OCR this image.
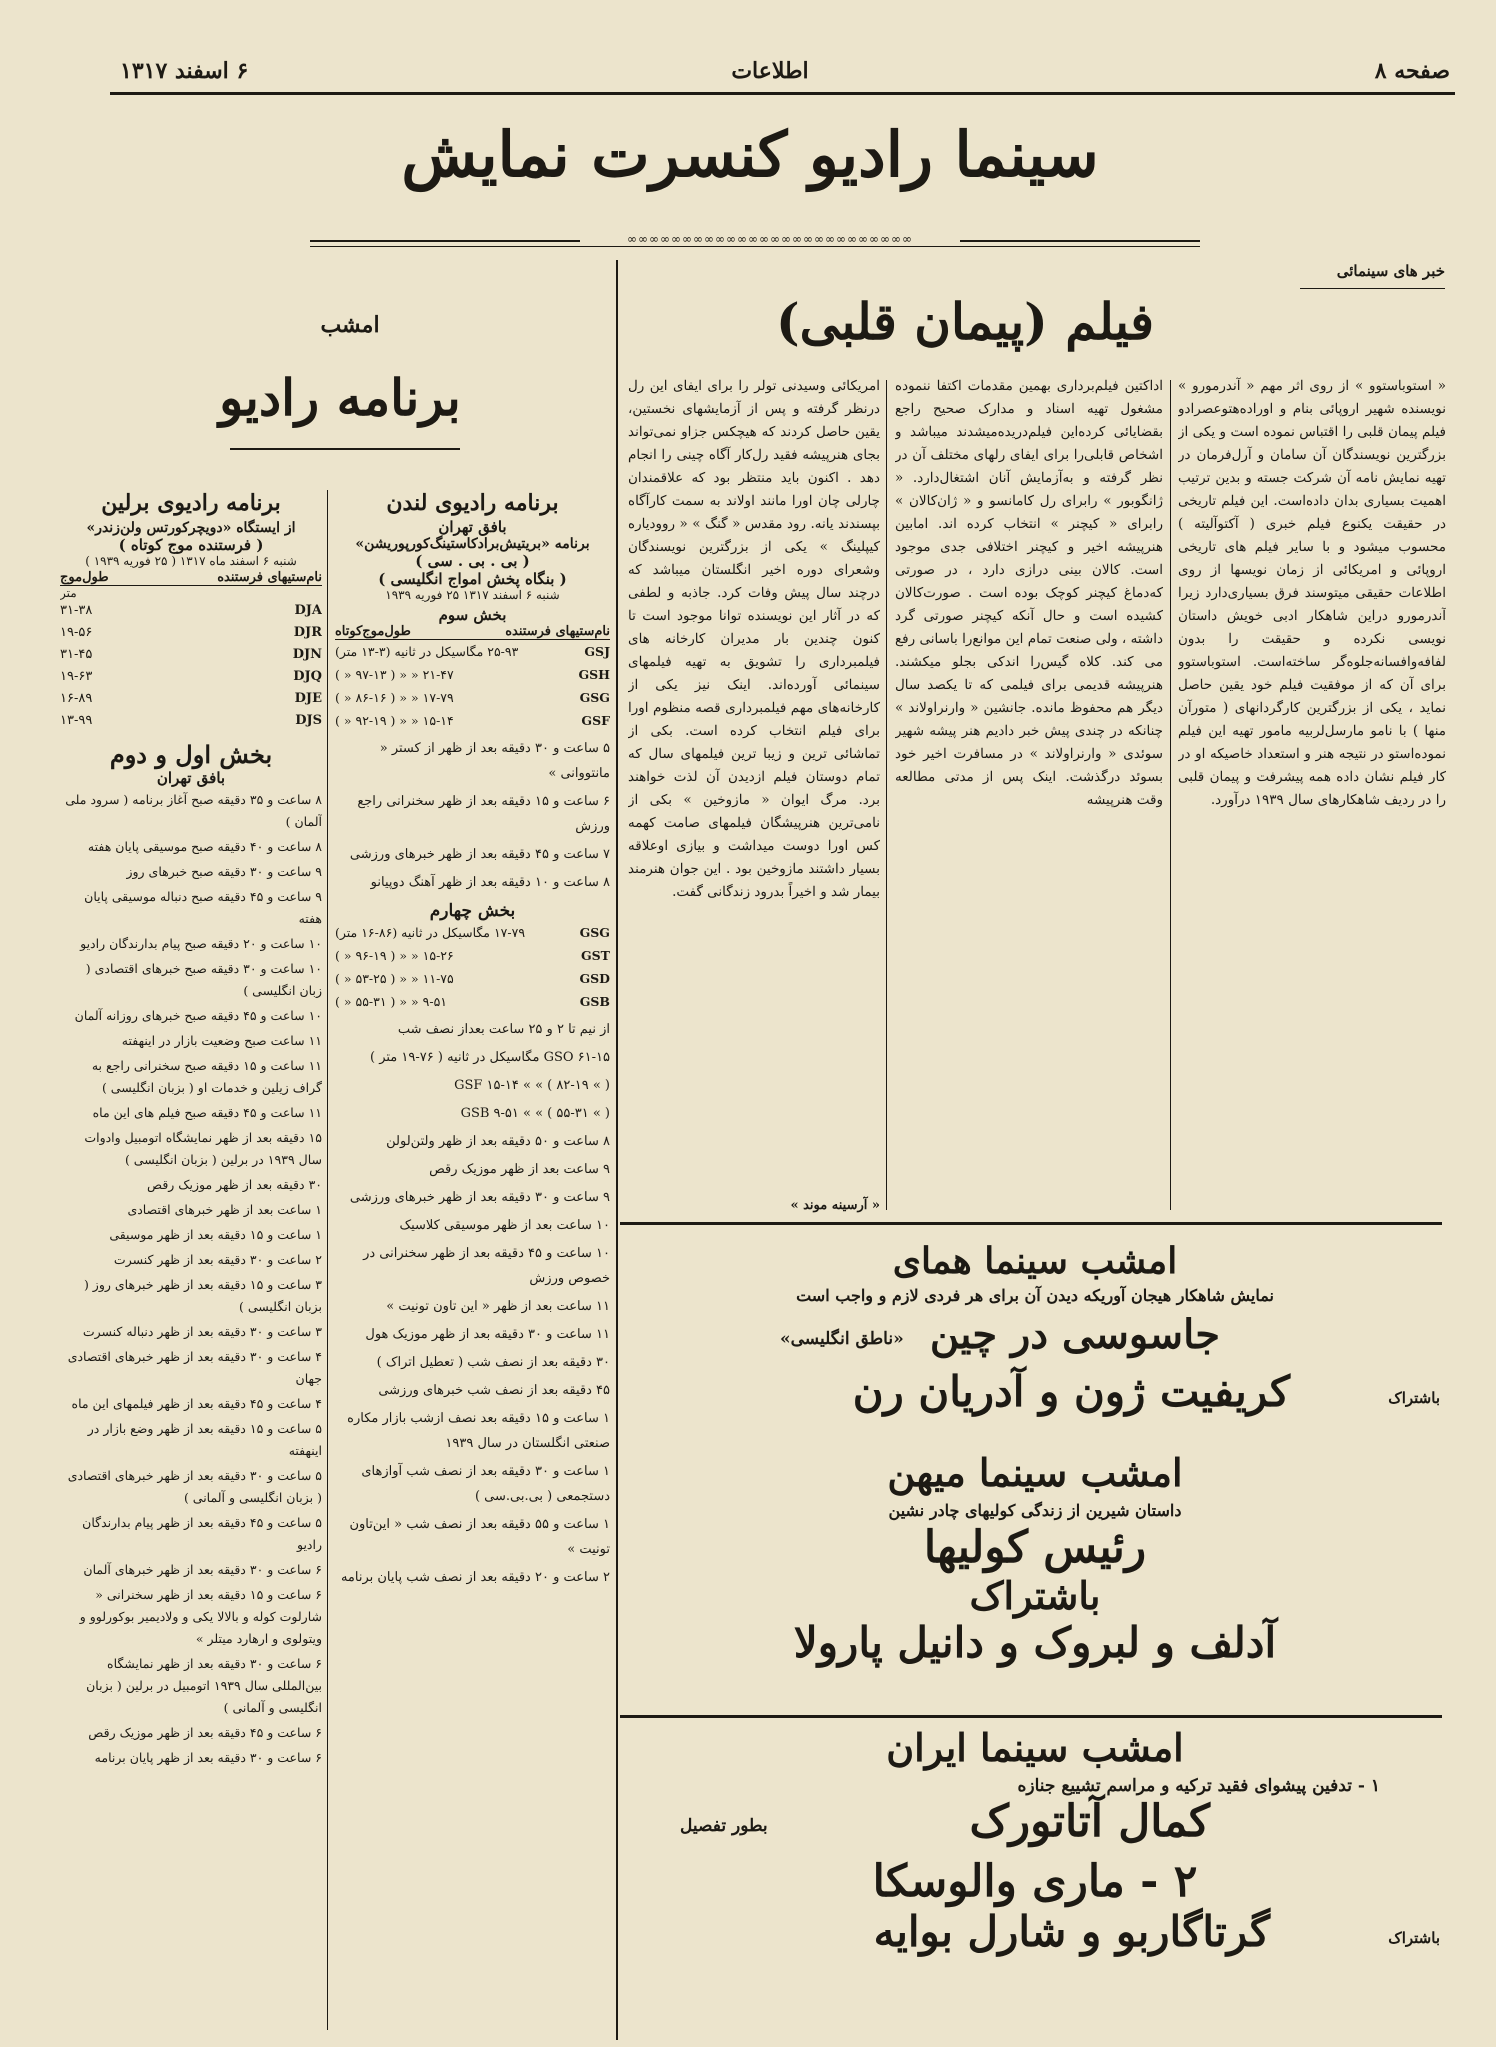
صفحه ۸
اطلاعات
۶ اسفند ۱۳۱۷
سینما رادیو کنسرت نمایش
∞∞∞∞∞∞∞∞∞∞∞∞∞∞∞∞∞∞∞∞∞∞∞∞∞∞
خبر های سینمائی
فیلم (پیمان قلبی)

« استوباستوو » از روی اثر مهم « آندرمورو » نویسنده شهیر اروپائی بنام و اوراده‌هتو‌عصرادو فیلم پیمان قلبی را اقتباس نموده است و یکی از بزرگترین نویسندگان آن سامان و آرل‌فرمان در تهیه نمایش نامه آن شرکت جسته و بدین ترتیب اهمیت بسیاری بدان داده‌است. این فیلم تاریخی در حقیقت یکنوع فیلم خبری ( آکتوآلیته ) محسوب میشود و با سایر فیلم های تاریخی اروپائی و امریکائی از زمان نویسها از روی اطلاعات حقیقی میتوسند فرق بسیاری‌دارد زیرا آندرمورو دراین شاهکار ادبی خویش داستان نویسی نکرده و حقیقت را بدون لفافه‌وافسانه‌جلوه‌گر ساخته‌است. استوباستوو برای آن که از موفقیت فیلم خود یقین حاصل نماید ، یکی از بزرگترین کارگردانهای ( متورآن منها ) با نامو مارسل‌لربیه مامور تهیه این فیلم نموده‌استو در نتیجه هنر و استعداد خاصیکه او در کار فیلم نشان داده همه پیشرفت و پیمان قلبی را در ردیف شاهکارهای سال ۱۹۳۹ درآورد.

اداکتین فیلم‌برداری بهمین مقدمات اکتفا ننموده مشغول تهیه اسناد و مدارک صحیح راجع بقضایائی کرده‌این فیلم‌دریده‌میشدند میباشد و اشخاص قابلی‌را برای ایفای رلهای مختلف آن در نظر گرفته و به‌آزمایش آنان اشتغال‌دارد. « ژانگوبور » رابرای رل کامانسو و « ژان‌کالان » رابرای « کیچنر » انتخاب کرده اند. امابین هنرپیشه اخیر و کیچنر اختلافی جدی موجود است. کالان بینی درازی دارد ، در صورتی که‌دماغ کیچنر کوچک بوده است . صورت‌کالان کشیده است و حال آنکه کیچنر صورتی گرد داشته ، ولی صنعت تمام این موانع‌را باسانی رفع می کند. کلاه گیس‌را اندکی بجلو میکشند. هنرپیشه قدیمی برای فیلمی که تا یکصد سال دیگر هم محفوظ مانده. جانشین « وارنراولاند » چنانکه در چندی پیش خبر دادیم هنر پیشه شهیر سوئدی « وارنراولاند » در مسافرت اخیر خود بسوئد درگذشت. اینک پس از مدتی مطالعه وقت هنرپیشه

امریکائی وسیدنی تولر را برای ایفای این رل درنظر گرفته و پس از آزمایشهای نخستین، یقین حاصل کردند که هیچکس جزاو نمی‌تواند بجای هنرپیشه فقید رل‌کار آگاه چینی را انجام دهد . اکنون باید منتظر بود که علاقمندان چارلی چان اورا مانند اولاند به سمت کارآگاه بپسندند یانه. رود مقدس « گنگ » « روودیاره کیپلینگ » یکی از بزرگترین نویسندگان وشعرای دوره اخیر انگلستان میباشد که درچند سال پیش وفات کرد. جاذبه و لطفی که در آثار این نویسنده توانا موجود است تا کنون چندین بار مدیران کارخانه های فیلمبرداری را تشویق به تهیه فیلمهای سینمائی آورده‌اند. اینک نیز یکی از کارخانه‌های مهم فیلمبرداری قصه منظوم اورا برای فیلم انتخاب کرده است. بکی از تماشائی ترین و زیبا ترین فیلمهای سال که تمام دوستان فیلم ازدیدن آن لذت خواهند برد. مرگ ایوان « مازوخین » بکی از نامی‌ترین هنرپیشگان فیلمهای صامت کهمه کس اورا دوست میداشت و بیازی اوعلاقه بسیار داشتند مازوخین بود . این جوان هنرمند بیمار شد و اخیراً بدرود زندگانی گفت.

« آرسینه موند »
امشب سینما همای
نمایش شاهکار هیجان آوریکه دیدن آن برای هر فردی لازم و واجب است
جاسوسی در چین
«ناطق انگلیسی»
کریفیت ژون و آدریان رن	باشتراک
امشب سینما میهن
داستان شیرین از زندگی کولیهای چادر نشین
رئیس کولیها
باشتراک
آدلف و لبروک و دانیل پارولا
امشب سینما ایران
۱ - تدفین پیشوای فقید ترکیه و مراسم تشییع جنازه
کمال آتاتورک
بطور تفصیل
۲ - ماری والوسکا
گرتاگاربو و شارل بوایه	باشتراک
امشب
برنامه رادیو
برنامه رادیوی لندن
بافق تهران
برنامه «بریتیش‌برادکاستینگ‌کورپوریشن»
( بی . بی . سی )
( بنگاه پخش امواج انگلیسی )
شنبه ۶ اسفند ۱۳۱۷ ۲۵ فوریه ۱۹۳۹
بخش سوم
نام‌ستیهای فرستنده
طول‌موج‌کوتاه
GSJ
۲۵-۹۳ مگاسیکل در ثانیه (۳-۱۳ متر)
GSH
۲۱-۴۷ « « ( ۹۷-۱۳ « )
GSG
۱۷-۷۹ « « ( ۸۶-۱۶ « )
GSF
۱۵-۱۴ « « ( ۹۲-۱۹ « )
۵ ساعت و ۳۰ دقیقه بعد از ظهر از کستر « مانتووانی »
۶ ساعت و ۱۵ دقیقه بعد از ظهر سخنرانی راجع ورزش
۷ ساعت و ۴۵ دقیقه بعد از ظهر خبرهای ورزشی
۸ ساعت و ۱۰ دقیقه بعد از ظهر آهنگ دوپیانو
بخش چهارم
GSG
۱۷-۷۹ مگاسیکل در ثانیه (۸۶-۱۶ متر)
GST
۱۵-۲۶ « « ( ۹۶-۱۹ « )
GSD
۱۱-۷۵ « « ( ۵۳-۲۵ « )
GSB
۹-۵۱ « « ( ۵۵-۳۱ « )
از نیم تا ۲ و ۲۵ ساعت بعداز نصف شب
GSO ۶۱-۱۵ مگاسیکل در ثانیه ( ۷۶-۱۹ متر )
GSF ۱۵-۱۴ « « ( ۸۲-۱۹ « )
GSB ۹-۵۱ « « ( ۵۵-۳۱ « )
۸ ساعت و ۵۰ دقیقه بعد از ظهر ولتن‌لولن
۹ ساعت بعد از ظهر موزیک رقص
۹ ساعت و ۳۰ دقیقه بعد از ظهر خبرهای ورزشی
۱۰ ساعت بعد از ظهر موسیقی کلاسیک
۱۰ ساعت و ۴۵ دقیقه بعد از ظهر سخنرانی در خصوص ورزش
۱۱ ساعت بعد از ظهر « این تاون تونیت »
۱۱ ساعت و ۳۰ دقیقه بعد از ظهر موزیک هول
۳۰ دقیقه بعد از نصف شب ( تعطیل اتراک )
۴۵ دقیقه بعد از نصف شب خبرهای ورزشی
۱ ساعت و ۱۵ دقیقه بعد نصف ازشب بازار مکاره صنعتی انگلستان در سال ۱۹۳۹
۱ ساعت و ۳۰ دقیقه بعد از نصف شب آوازهای دستجمعی ( بی.بی.سی )
۱ ساعت و ۵۵ دقیقه بعد از نصف شب « این‌تاون تونیت »
۲ ساعت و ۲۰ دقیقه بعد از نصف شب پایان برنامه
برنامه رادیوی برلین
از ایستگاه «دویچرکورتس ولن‌زندر»
( فرستنده موج کوتاه )
شنبه ۶ اسفند ماه ۱۳۱۷ ( ۲۵ فوریه ۱۹۳۹ )
نام‌ستیهای فرستنده
طول‌موج
متر
DJA
۳۱-۳۸
DJR
۱۹-۵۶
DJN
۳۱-۴۵
DJQ
۱۹-۶۳
DJE
۱۶-۸۹
DJS
۱۳-۹۹
بخش اول و دوم
بافق تهران
۸ ساعت و ۳۵ دقیقه صبح آغاز برنامه ( سرود ملی آلمان )
۸ ساعت و ۴۰ دقیقه صبح موسیقی پایان هفته
۹ ساعت و ۳۰ دقیقه صبح خبرهای روز
۹ ساعت و ۴۵ دقیقه صبح دنباله موسیقی پایان هفته
۱۰ ساعت و ۲۰ دقیقه صبح پیام بدارندگان رادیو
۱۰ ساعت و ۳۰ دقیقه صبح خبرهای اقتصادی ( زبان انگلیسی )
۱۰ ساعت و ۴۵ دقیقه صبح خبرهای روزانه آلمان
۱۱ ساعت صبح وضعیت بازار در اینهفته
۱۱ ساعت و ۱۵ دقیقه صبح سخنرانی راجع به گراف زیلین و خدمات او ( بزبان انگلیسی )
۱۱ ساعت و ۴۵ دقیقه صبح فیلم های این ماه
۱۵ دقیقه بعد از ظهر نمایشگاه اتومبیل وادوات سال ۱۹۳۹ در برلین ( بزبان انگلیسی )
۳۰ دقیقه بعد از ظهر موزیک رقص
۱ ساعت بعد از ظهر خبرهای اقتصادی
۱ ساعت و ۱۵ دقیقه بعد از ظهر موسیقی
۲ ساعت و ۳۰ دقیقه بعد از ظهر کنسرت
۳ ساعت و ۱۵ دقیقه بعد از ظهر خبرهای روز ( بزبان انگلیسی )
۳ ساعت و ۳۰ دقیقه بعد از ظهر دنباله کنسرت
۴ ساعت و ۳۰ دقیقه بعد از ظهر خبرهای اقتصادی جهان
۴ ساعت و ۴۵ دقیقه بعد از ظهر فیلمهای این ماه
۵ ساعت و ۱۵ دقیقه بعد از ظهر وضع بازار در اینهفته
۵ ساعت و ۳۰ دقیقه بعد از ظهر خبرهای اقتصادی ( بزبان انگلیسی و آلمانی )
۵ ساعت و ۴۵ دقیقه بعد از ظهر پیام بدارندگان رادیو
۶ ساعت و ۳۰ دقیقه بعد از ظهر خبرهای آلمان
۶ ساعت و ۱۵ دقیقه بعد از ظهر سخنرانی « شارلوت کوله و بالالا یکی و ولادیمیر بوکورلوو و ویتولوی و ارهارد میتلر »
۶ ساعت و ۳۰ دقیقه بعد از ظهر نمایشگاه بین‌المللی سال ۱۹۳۹ اتومبیل در برلین ( بزبان انگلیسی و آلمانی )
۶ ساعت و ۴۵ دقیقه بعد از ظهر موزیک رقص
۶ ساعت و ۳۰ دقیقه بعد از ظهر پایان برنامه
